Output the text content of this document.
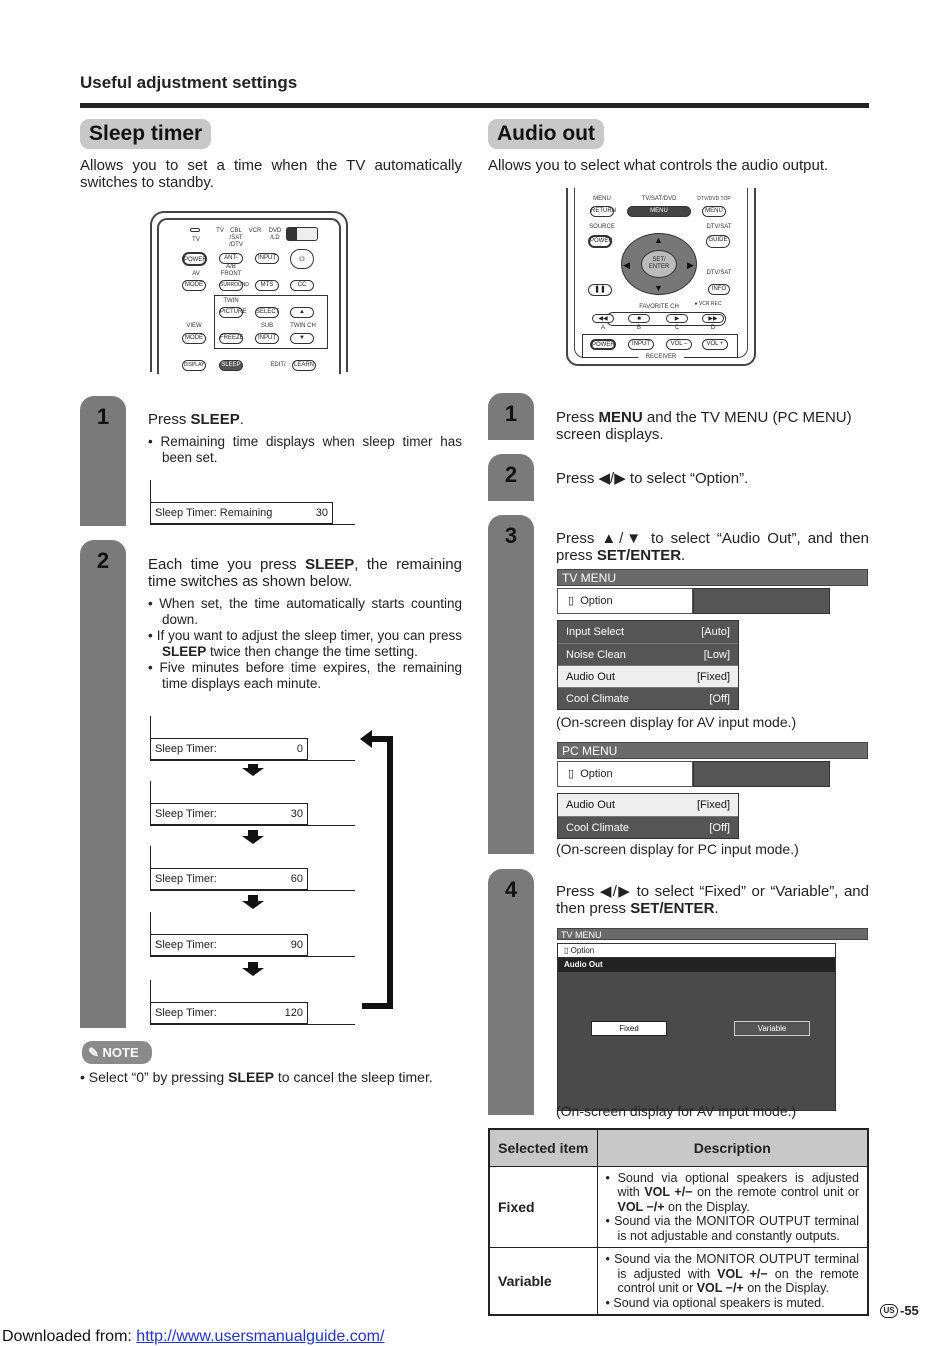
Useful adjustment settings
Sleep timer
Allows you to set a time when the TV automatically switches to standby.
TV
TV	CBL /SAT /DTV
VCR	DVD /LD
POWER	ANT-A/B
INPUT	☼
AV	FRONT
MODE	SURROUND	MTS	CC
TWIN
PICTURE SELECT	▲
VIEW	SUB	TWIN CH
MODE	FREEZE	INPUT	▼
DISPLAY	SLEEP	EDIT/	LEARN
1
2
Press SLEEP.
• Remaining time displays when sleep timer has been set.
Sleep Timer: Remaining	30
Each time you press SLEEP, the remaining time switches as shown below.
• When set, the time automatically starts counting down.
• If you want to adjust the sleep timer, you can press SLEEP twice then change the time setting.
• Five minutes before time expires, the remaining time displays each minute.
Sleep Timer:	0
Sleep Timer:	30
Sleep Timer:	60
Sleep Timer:	90
Sleep Timer:	120
✎ NOTE
• Select “0” by pressing SLEEP to cancel the sleep timer.
Audio out
Allows you to select what controls the audio output.
MENU	TV/SAT/DVD	DTV/DVD TOP
RETURN	MENU	MENU
SOURCE	DTV/SAT
POWER	GUIDE
SET/ ENTER
▲
▼
◀	▶
DTV/SAT
❚❚	INFO
FAVORITE CH	● VCR REC
◀◀	■	▶	▶▶
A	B	C	D
POWER	INPUT	VOL –	VOL +
RECEIVER
1
2
3
4
Press MENU and the TV MENU (PC MENU) screen displays.
Press ◀/▶ to select “Option”.
Press ▲/▼ to select “Audio Out”, and then press SET/ENTER.
TV MENU
▯ Option
Input Select	[Auto]
Noise Clean	[Low]
Audio Out	[Fixed]
Cool Climate	[Off]
(On-screen display for AV input mode.)
PC MENU
▯ Option
Audio Out	[Fixed]
Cool Climate	[Off]
(On-screen display for PC input mode.)
Press ◀/▶ to select “Fixed” or “Variable”, and then press SET/ENTER.
TV MENU
▯ Option
Audio Out
Fixed	Variable
(On-screen display for AV input mode.)
Selected item	Description
Fixed	• Sound via optional speakers is adjusted with VOL +/− on the remote control unit or VOL −/+ on the Display.
• Sound via the MONITOR OUTPUT terminal is not adjustable and constantly outputs.

Variable	• Sound via the MONITOR OUTPUT terminal is adjusted with VOL +/− on the remote control unit or VOL −/+ on the Display.
• Sound via optional speakers is muted.
US -55
Downloaded from: http://www.usersmanualguide.com/
